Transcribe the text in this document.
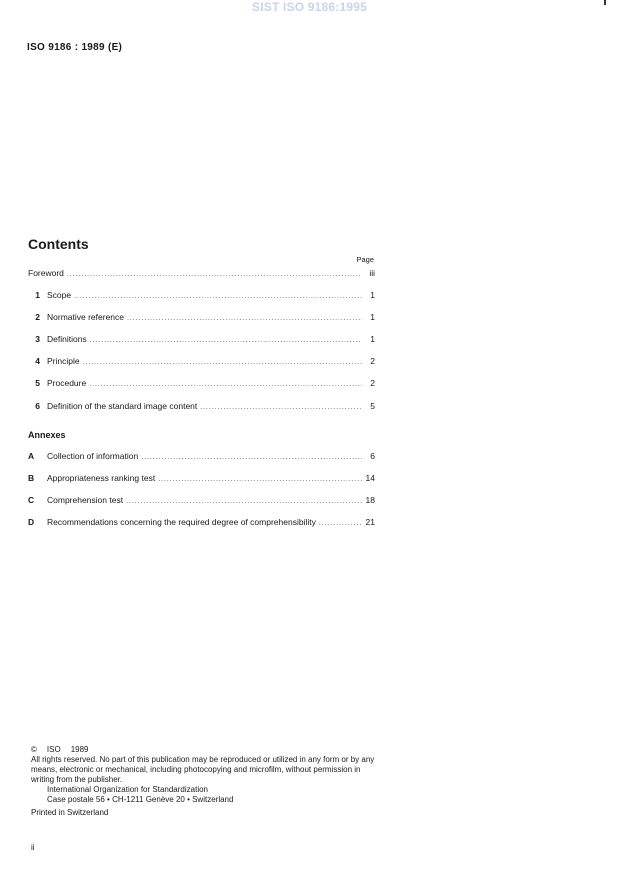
SIST ISO 9186:1995
ISO 9186 : 1989 (E)
Contents
Page
Foreword . . .	iii
1 Scope . . .	1
2 Normative reference . . .	1
3 Definitions . . .	1
4 Principle . . .	2
5 Procedure . . .	2
6 Definition of the standard image content . . .	5
Annexes
A	Collection of information . . .	6
B	Appropriateness ranking test . . .	14
C	Comprehension test . . .	18
D	Recommendations concerning the required degree of comprehensibility . . .	21
© ISO 1989
All rights reserved. No part of this publication may be reproduced or utilized in any form or by any
means, electronic or mechanical, including photocopying and microfilm, without permission in
writing from the publisher.
International Organization for Standardization
Case postale 56 • CH-1211 Genève 20 • Switzerland
Printed in Switzerland
ii
